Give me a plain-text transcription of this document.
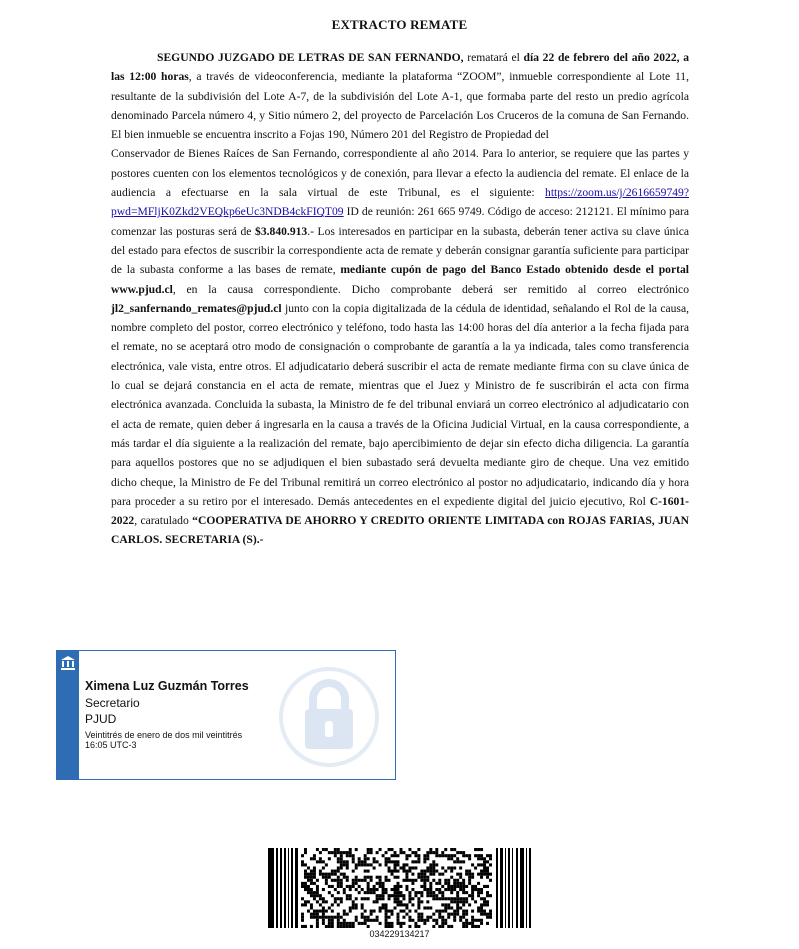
EXTRACTO REMATE

SEGUNDO JUZGADO DE LETRAS DE SAN FERNANDO, rematará el día 22 de febrero del año 2022, a las 12:00 horas, a través de videoconferencia, mediante la plataforma “ZOOM”, inmueble correspondiente al Lote 11, resultante de la subdivisión del Lote A-7, de la subdivisión del Lote A-1, que formaba parte del resto un predio agrícola denominado Parcela número 4, y Sitio número 2, del proyecto de Parcelación Los Cruceros de la comuna de San Fernando. El bien inmueble se encuentra inscrito a Fojas 190, Número 201 del Registro de Propiedad del

Conservador de Bienes Raíces de San Fernando, correspondiente al año 2014. Para lo anterior, se requiere que las partes y postores cuenten con los elementos tecnológicos y de conexión, para llevar a efecto la audiencia del remate. El enlace de la audiencia a efectuarse en la sala virtual de este Tribunal, es el siguiente: https://zoom.us/j/2616659749?pwd=MFljK0Zkd2VEQkp6eUc3NDB4ckFIQT09 ID de reunión: 261 665 9749. Código de acceso: 212121. El mínimo para comenzar las posturas será de $3.840.913.- Los interesados en participar en la subasta, deberán tener activa su clave única del estado para efectos de suscribir la correspondiente acta de remate y deberán consignar garantía suficiente para participar de la subasta conforme a las bases de remate, mediante cupón de pago del Banco Estado obtenido desde el portal www.pjud.cl, en la causa correspondiente. Dicho comprobante deberá ser remitido al correo electrónico jl2_sanfernando_remates@pjud.cl junto con la copia digitalizada de la cédula de identidad, señalando el Rol de la causa, nombre completo del postor, correo electrónico y teléfono, todo hasta las 14:00 horas del día anterior a la fecha fijada para el remate, no se aceptará otro modo de consignación o comprobante de garantía a la ya indicada, tales como transferencia electrónica, vale vista, entre otros. El adjudicatario deberá suscribir el acta de remate mediante firma con su clave única de lo cual se dejará constancia en el acta de remate, mientras que el Juez y Ministro de fe suscribirán el acta con firma electrónica avanzada. Concluida la subasta, la Ministro de fe del tribunal enviará un correo electrónico al adjudicatario con el acta de remate, quien deber á ingresarla en la causa a través de la Oficina Judicial Virtual, en la causa correspondiente, a más tardar el día siguiente a la realización del remate, bajo apercibimiento de dejar sin efecto dicha diligencia. La garantía para aquellos postores que no se adjudiquen el bien subastado será devuelta mediante giro de cheque. Una vez emitido dicho cheque, la Ministro de Fe del Tribunal remitirá un correo electrónico al postor no adjudicatario, indicando día y hora para proceder a su retiro por el interesado. Demás antecedentes en el expediente digital del juicio ejecutivo, Rol C-1601-2022, caratulado “COOPERATIVA DE AHORRO Y CREDITO ORIENTE LIMITADA con ROJAS FARIAS, JUAN CARLOS. SECRETARIA (S).-

Ximena Luz Guzmán Torres
Secretario
PJUD
Veintitrés de enero de dos mil veintitrés
16:05 UTC-3
034229134217
